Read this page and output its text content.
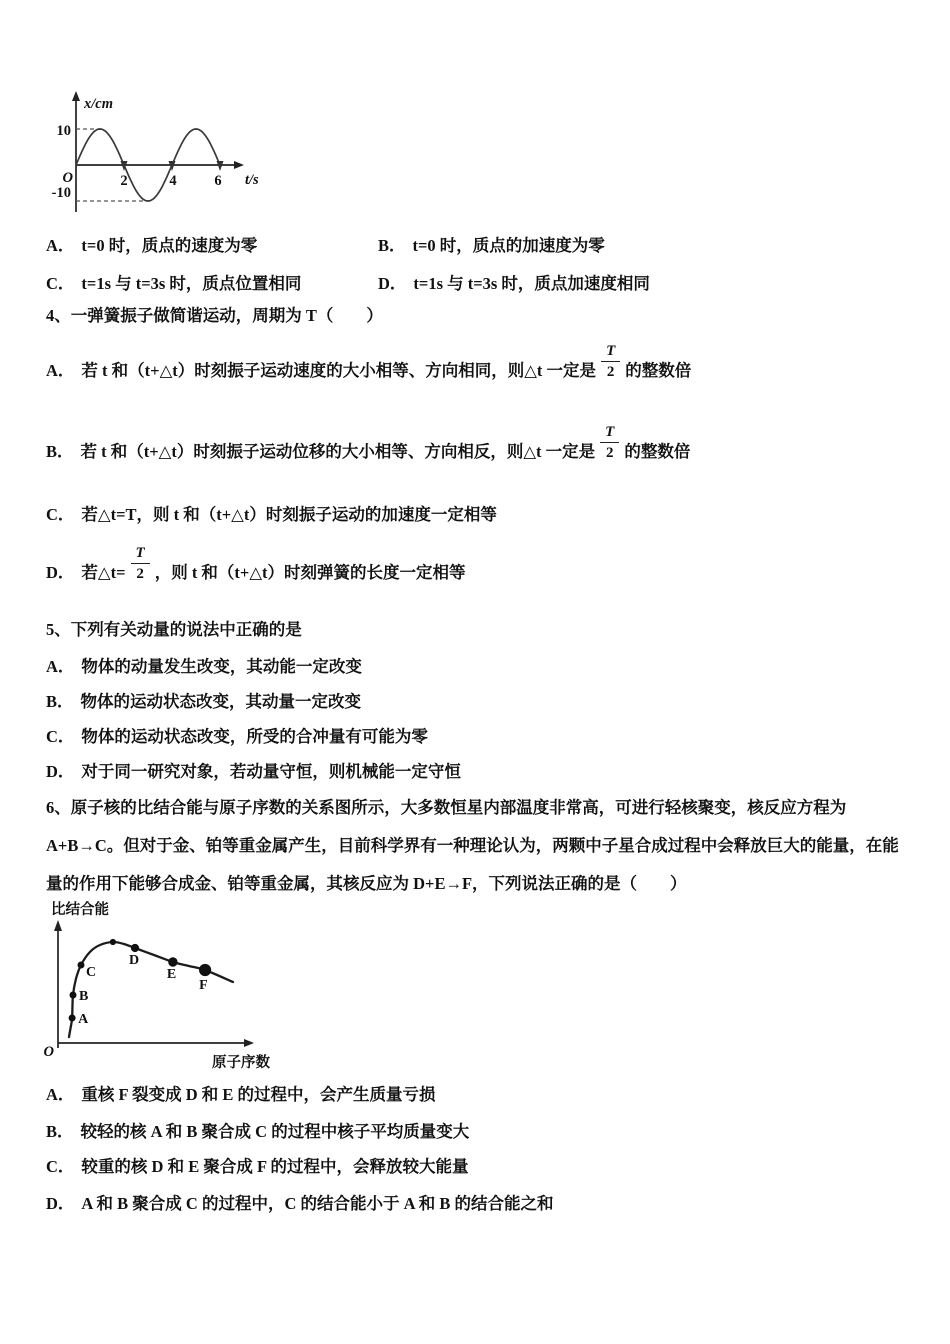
x/cm
t/s
10
-10
O	2	4	6
A． t=0 时，质点的速度为零	B． t=0 时，质点的加速度为零
C． t=1s 与 t=3s 时，质点位置相同	D． t=1s 与 t=3s 时，质点加速度相同
4、一弹簧振子做简谐运动，周期为 T（　　）
A． 若 t 和（t+△t）时刻振子运动速度的大小相等、方向相同，则△t 一定是 $\frac{T}{2}$ 的整数倍
B． 若 t 和（t+△t）时刻振子运动位移的大小相等、方向相反，则△t 一定是 $\frac{T}{2}$ 的整数倍
C． 若△t=T，则 t 和（t+△t）时刻振子运动的加速度一定相等
D． 若△t= $\frac{T}{2}$ ，则 t 和（t+△t）时刻弹簧的长度一定相等
5、下列有关动量的说法中正确的是
A． 物体的动量发生改变，其动能一定改变
B． 物体的运动状态改变，其动量一定改变
C． 物体的运动状态改变，所受的合冲量有可能为零
D． 对于同一研究对象，若动量守恒，则机械能一定守恒
6、原子核的比结合能与原子序数的关系图所示，大多数恒星内部温度非常高，可进行轻核聚变，核反应方程为
A+B→C。但对于金、铂等重金属产生，目前科学界有一种理论认为，两颗中子星合成过程中会释放巨大的能量，在能
量的作用下能够合成金、铂等重金属，其核反应为 D+E→F，下列说法正确的是（　　）
A
B
C
D
E
F
比结合能
原子序数
O
A． 重核 F 裂变成 D 和 E 的过程中，会产生质量亏损
B． 较轻的核 A 和 B 聚合成 C 的过程中核子平均质量变大
C． 较重的核 D 和 E 聚合成 F 的过程中，会释放较大能量
D． A 和 B 聚合成 C 的过程中，C 的结合能小于 A 和 B 的结合能之和
